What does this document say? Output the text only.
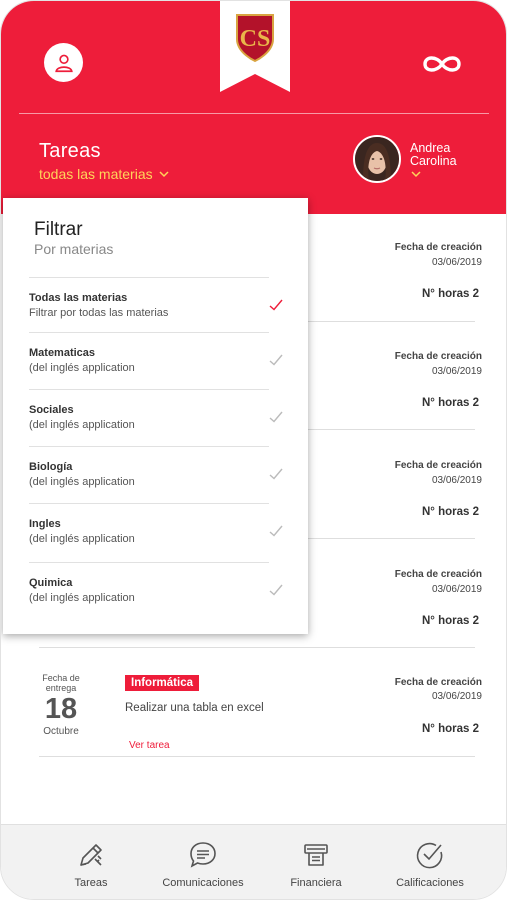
CS
Tareas
todas las materias
Andrea
Carolina
Fecha de creación
03/06/2019
N° horas 2
Fecha de creación
03/06/2019
N° horas 2
Fecha de creación
03/06/2019
N° horas 2
Fecha de creación
03/06/2019
N° horas 2
Fecha de entrega
18
Octubre
Informática
Realizar una tabla en excel
Ver tarea
Fecha de creación
03/06/2019
N° horas 2
Filtrar
Por materias
Todas las materias
Filtrar por todas las materias
Matematicas
(del inglés application
Sociales
(del inglés application
Biología
(del inglés application
Ingles
(del inglés application
Quimica
(del inglés application
Tareas	Comunicaciones	Financiera	Calificaciones
